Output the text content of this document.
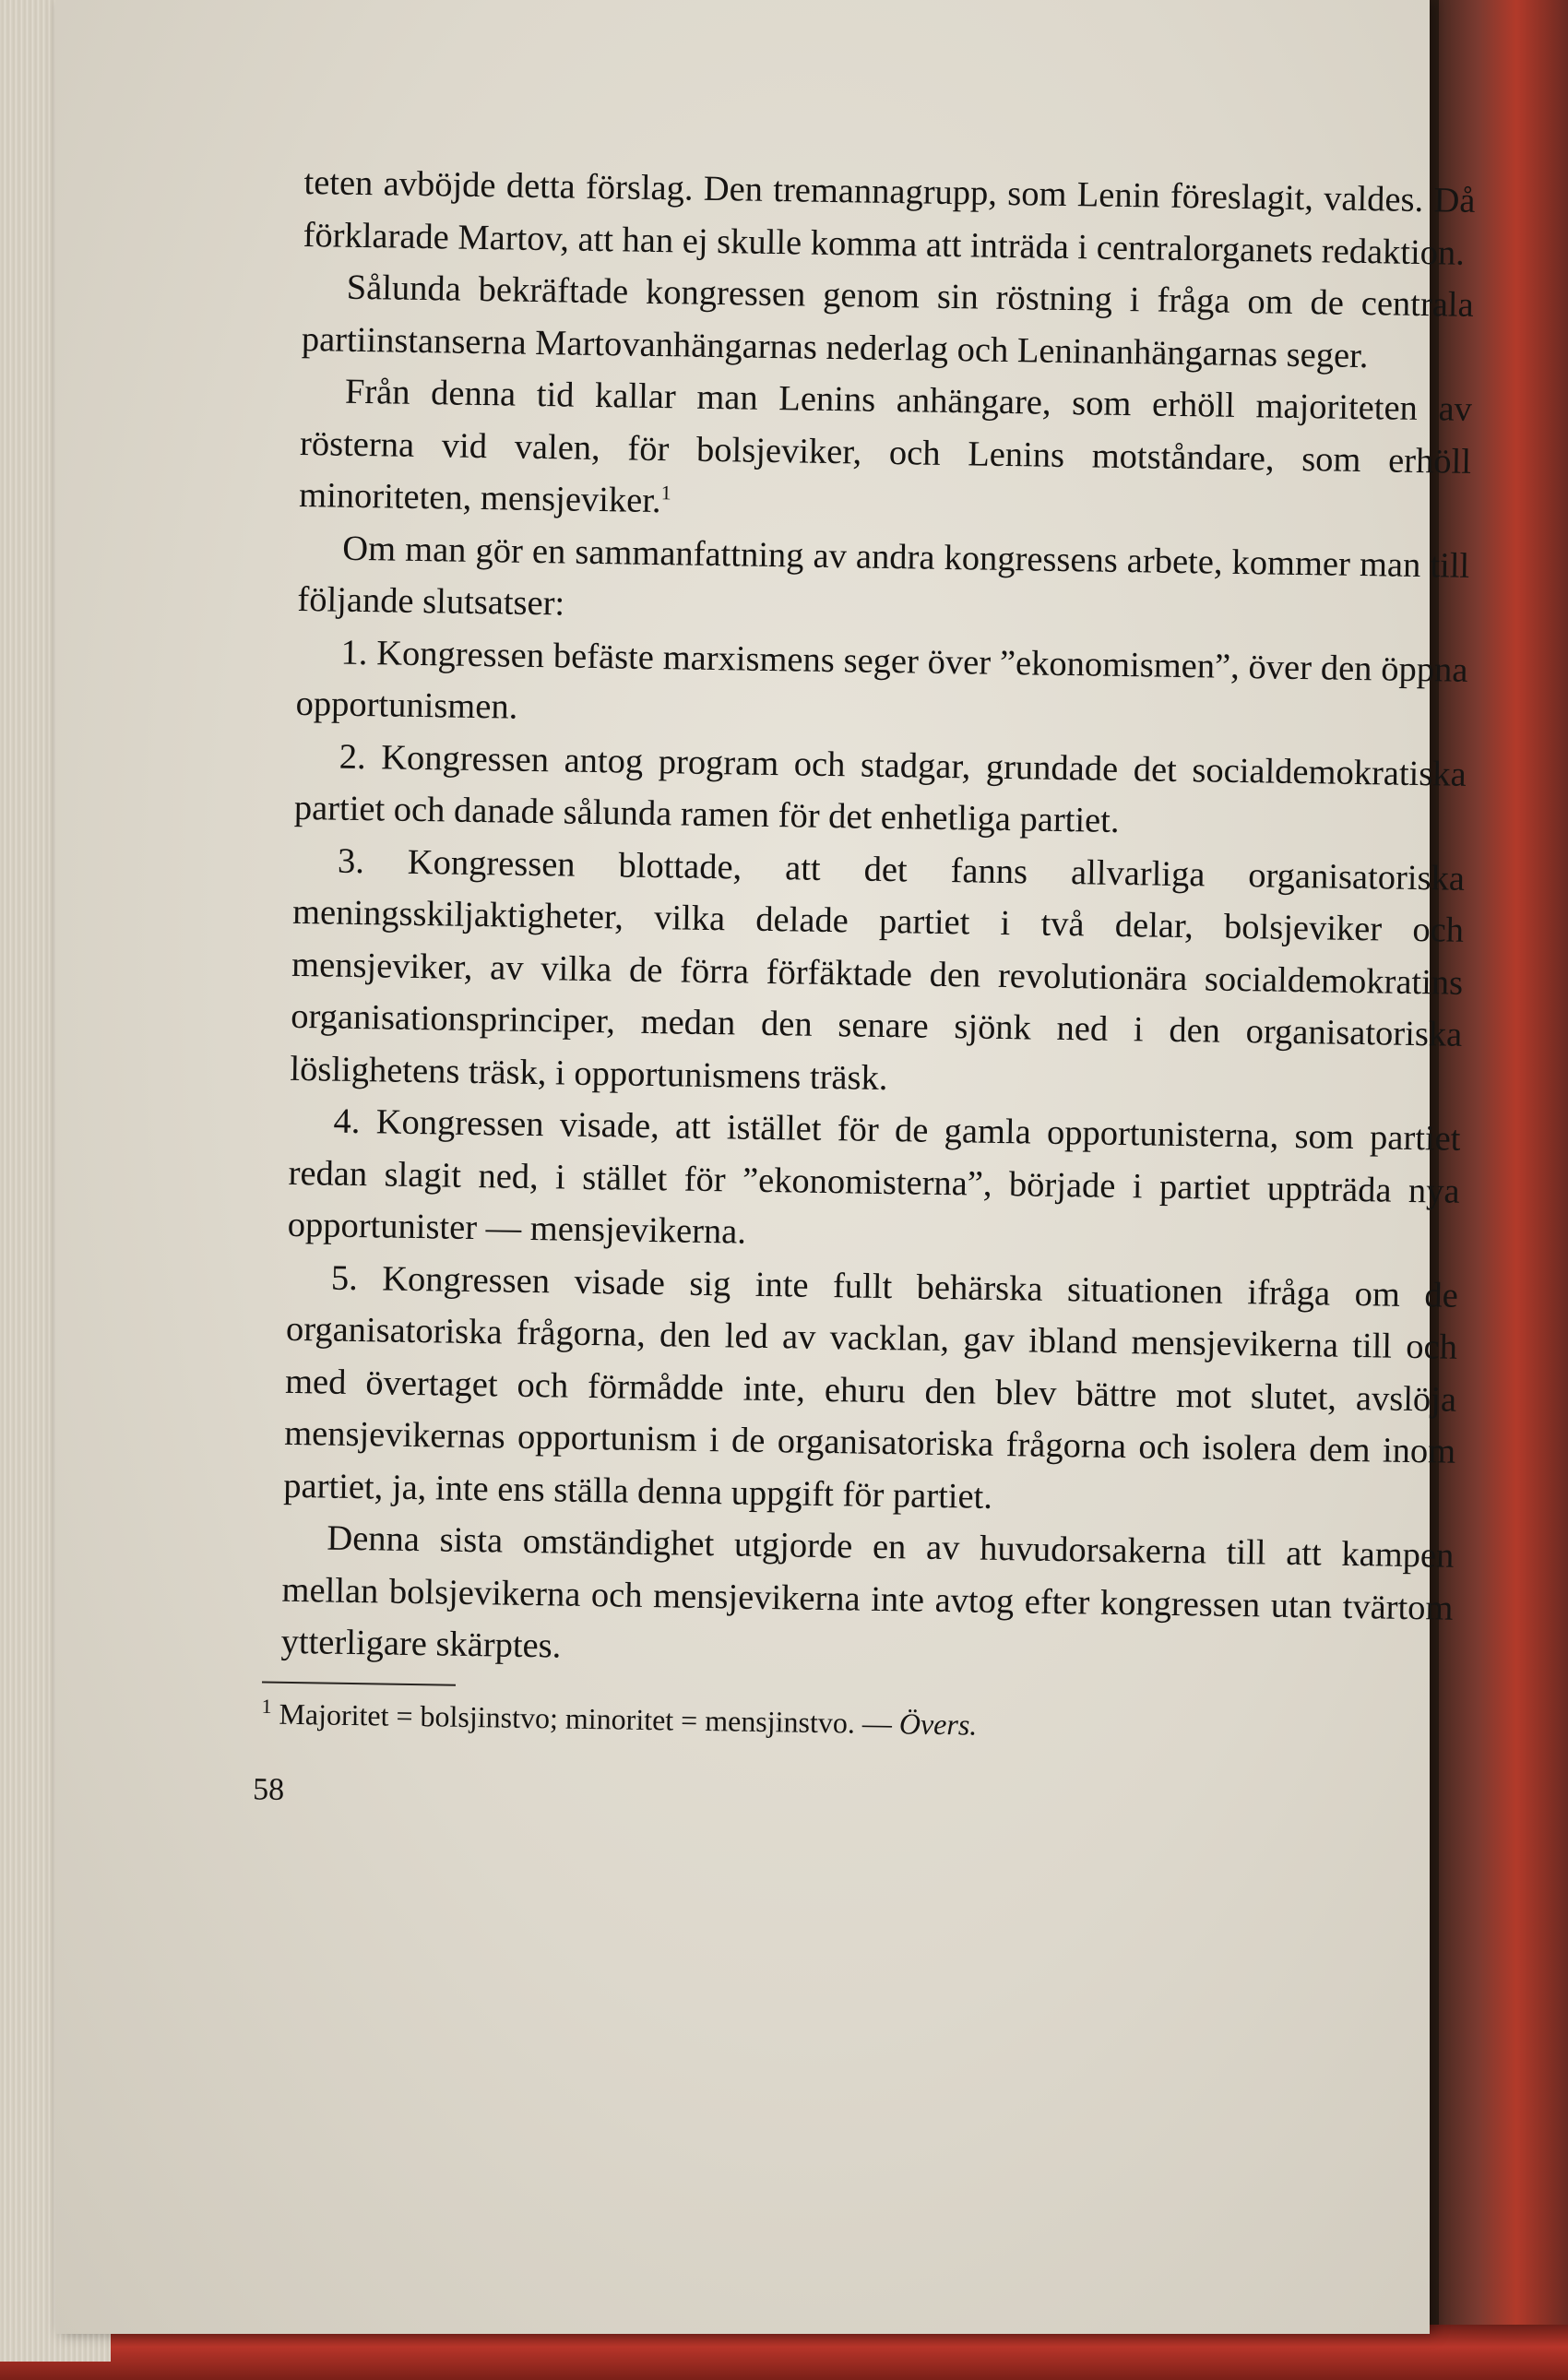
teten avböjde detta förslag. Den tremannagrupp, som Lenin föreslagit, valdes. Då förklarade Martov, att han ej skulle komma att inträda i centralorganets redaktion.

Sålunda bekräftade kongressen genom sin röstning i fråga om de centrala partiinstanserna Martovanhängarnas nederlag och Leninanhängarnas seger.

Från denna tid kallar man Lenins anhängare, som erhöll majoriteten av rösterna vid valen, för bolsjeviker, och Lenins motståndare, som erhöll minoriteten, mensjeviker.$^1$

Om man gör en sammanfattning av andra kongressens arbete, kommer man till följande slutsatser:

1. Kongressen befäste marxismens seger över ”ekonomismen”, över den öppna opportunismen.

2. Kongressen antog program och stadgar, grundade det socialdemokratiska partiet och danade sålunda ramen för det enhetliga partiet.

3. Kongressen blottade, att det fanns allvarliga organisatoriska meningsskiljaktigheter, vilka delade partiet i två delar, bolsjeviker och mensjeviker, av vilka de förra förfäktade den revolutionära socialdemokratins organisationsprinciper, medan den senare sjönk ned i den organisatoriska löslighetens träsk, i opportunismens träsk.

4. Kongressen visade, att istället för de gamla opportunisterna, som partiet redan slagit ned, i stället för ”ekonomisterna”, började i partiet uppträda nya opportunister — mensjevikerna.

5. Kongressen visade sig inte fullt behärska situationen ifråga om de organisatoriska frågorna, den led av vacklan, gav ibland mensjevikerna till och med övertaget och förmådde inte, ehuru den blev bättre mot slutet, avslöja mensjevikernas opportunism i de organisatoriska frågorna och isolera dem inom partiet, ja, inte ens ställa denna uppgift för partiet.

Denna sista omständighet utgjorde en av huvudorsakerna till att kampen mellan bolsjevikerna och mensjevikerna inte avtog efter kongressen utan tvärtom ytterligare skärptes.

$^1$ Majoritet = bolsjinstvo; minoritet = mensjinstvo. — Övers.

58
